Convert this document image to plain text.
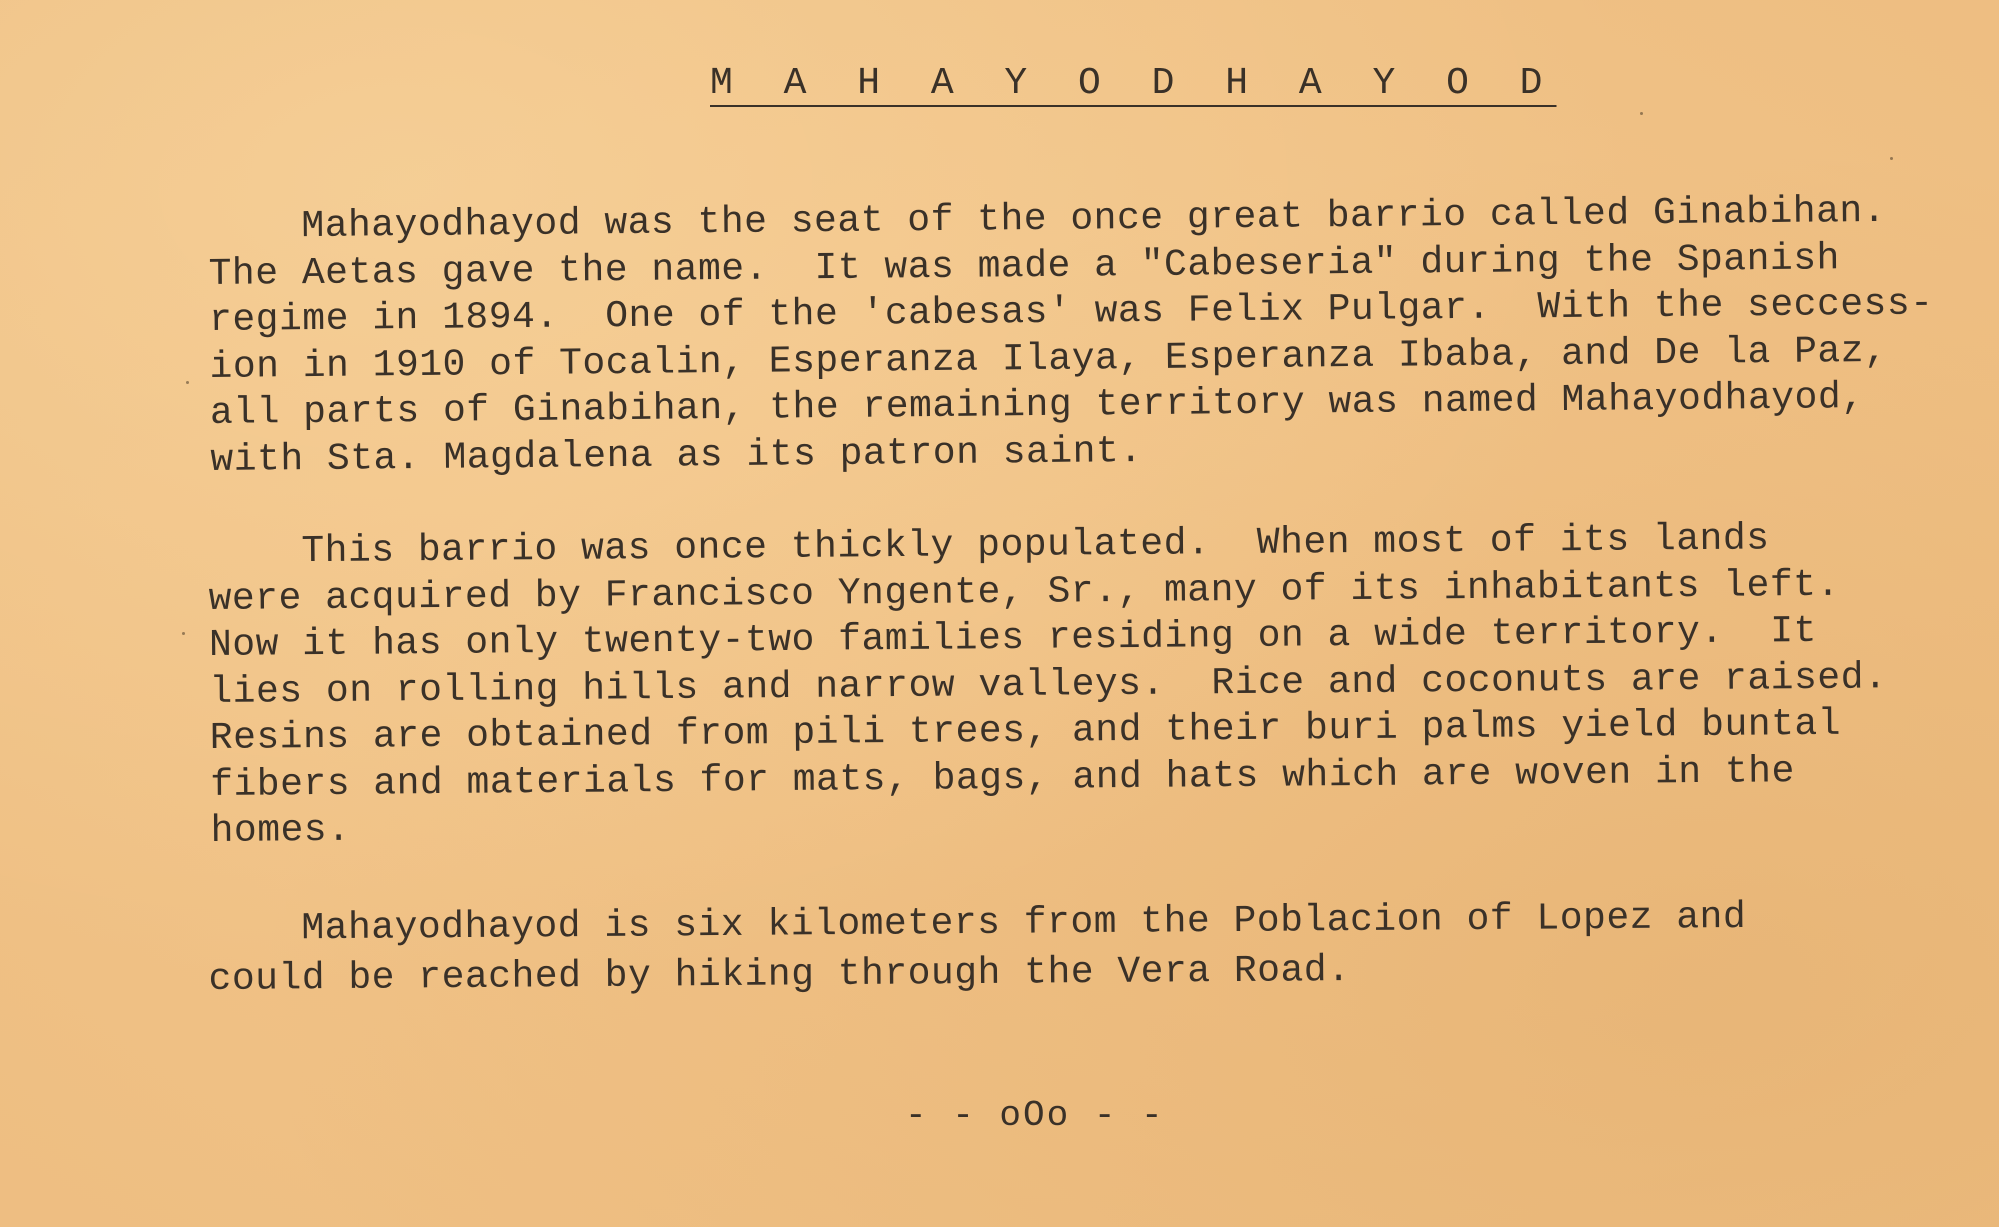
M A H A Y O D H A Y O D
Mahayodhayod was the seat of the once great barrio called Ginabihan.
The Aetas gave the name.  It was made a "Cabeseria" during the Spanish
regime in 1894.  One of the 'cabesas' was Felix Pulgar.  With the seccess-
ion in 1910 of Tocalin, Esperanza Ilaya, Esperanza Ibaba, and De la Paz,
all parts of Ginabihan, the remaining territory was named Mahayodhayod,
with Sta. Magdalena as its patron saint.
This barrio was once thickly populated.  When most of its lands
were acquired by Francisco Yngente, Sr., many of its inhabitants left.
Now it has only twenty-two families residing on a wide territory.  It
lies on rolling hills and narrow valleys.  Rice and coconuts are raised.
Resins are obtained from pili trees, and their buri palms yield buntal
fibers and materials for mats, bags, and hats which are woven in the
homes.
Mahayodhayod is six kilometers from the Poblacion of Lopez and
could be reached by hiking through the Vera Road.
- - oOo - -
